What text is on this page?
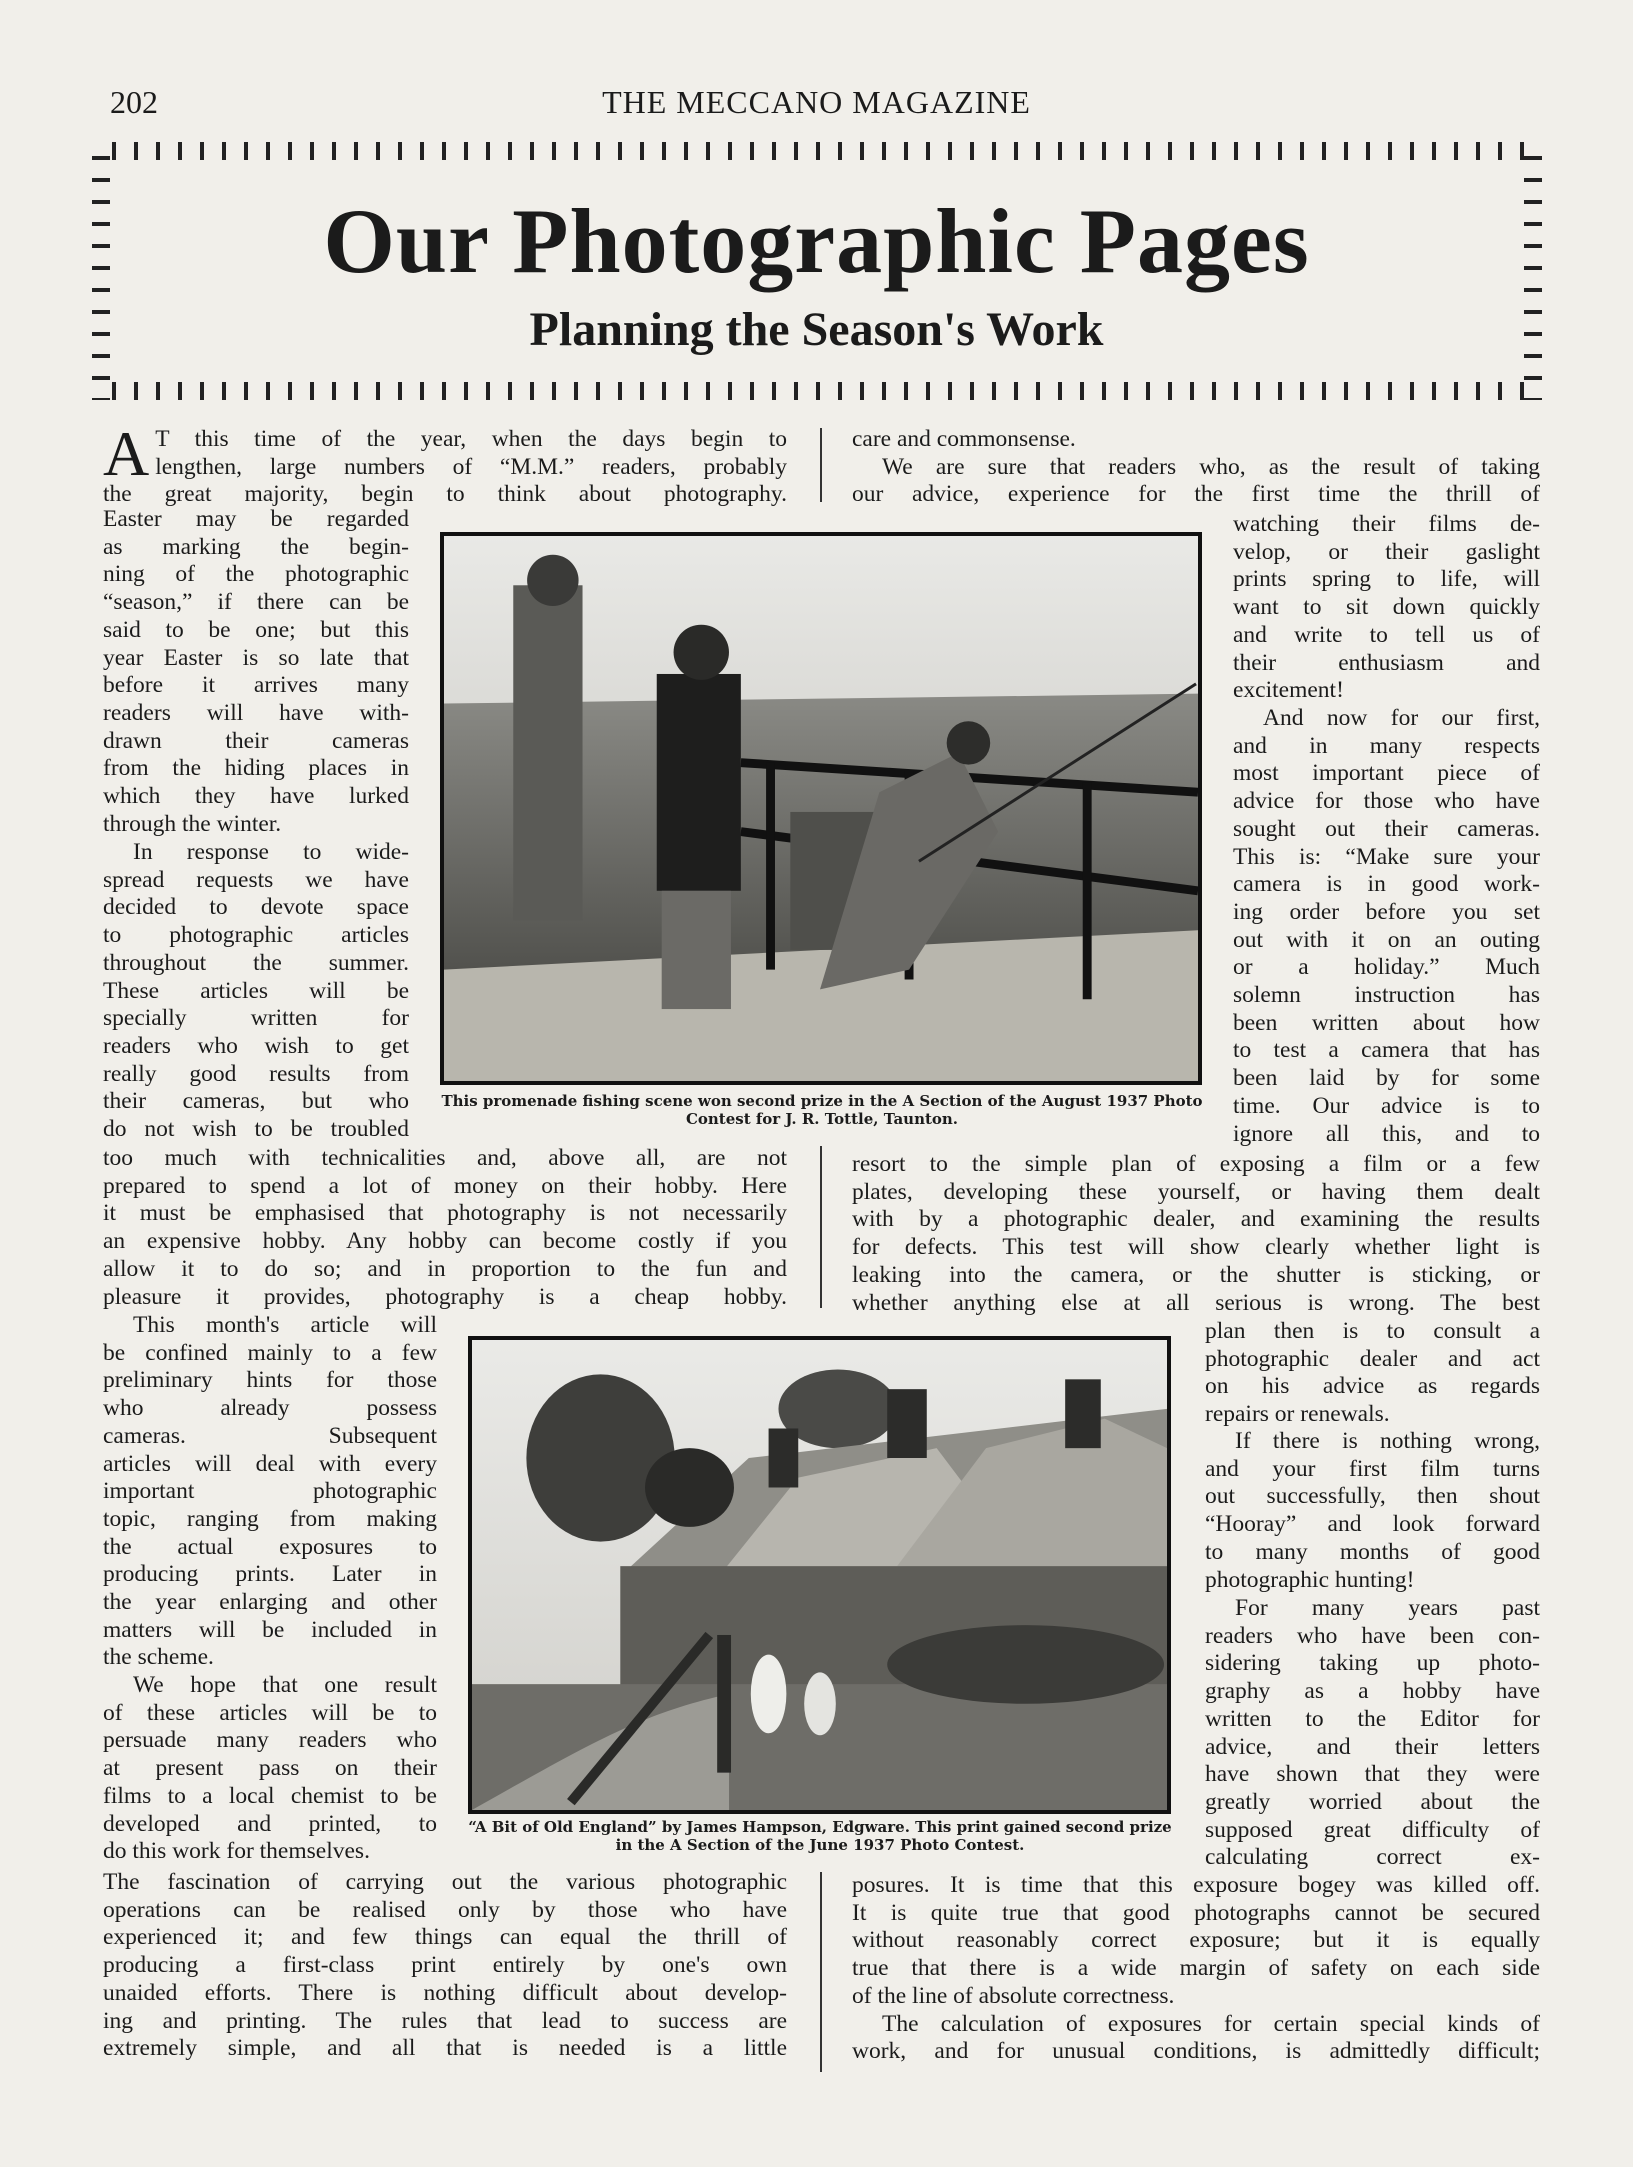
202	THE MECCANO MAGAZINE
Our Photographic Pages
Planning the Season's Work
A T this time of the year, when the days begin to
lengthen, large numbers of “M.M.” readers, probably
the great majority, begin to think about photography.
Easter may be regarded
as marking the begin-
ning of the photographic
“season,” if there can be
said to be one; but this
year Easter is so late that
before it arrives many
readers will have with-
drawn their cameras
from the hiding places in
which they have lurked
through the winter.
In response to wide-
spread requests we have
decided to devote space
to photographic articles
throughout the summer.
These articles will be
specially written for
readers who wish to get
really good results from
their cameras, but who
do not wish to be troubled
too much with technicalities and, above all, are not
prepared to spend a lot of money on their hobby. Here
it must be emphasised that photography is not necessarily
an expensive hobby. Any hobby can become costly if you
allow it to do so; and in proportion to the fun and
pleasure it provides, photography is a cheap hobby.
This month's article will
be confined mainly to a few
preliminary hints for those
who already possess
cameras. Subsequent
articles will deal with every
important photographic
topic, ranging from making
the actual exposures to
producing prints. Later in
the year enlarging and other
matters will be included in
the scheme.
We hope that one result
of these articles will be to
persuade many readers who
at present pass on their
films to a local chemist to be
developed and printed, to
do this work for themselves.
The fascination of carrying out the various photographic
operations can be realised only by those who have
experienced it; and few things can equal the thrill of
producing a first-class print entirely by one's own
unaided efforts. There is nothing difficult about develop-
ing and printing. The rules that lead to success are
extremely simple, and all that is needed is a little
care and commonsense.
We are sure that readers who, as the result of taking
our advice, experience for the first time the thrill of
watching their films de-
velop, or their gaslight
prints spring to life, will
want to sit down quickly
and write to tell us of
their enthusiasm and
excitement!
And now for our first,
and in many respects
most important piece of
advice for those who have
sought out their cameras.
This is: “Make sure your
camera is in good work-
ing order before you set
out with it on an outing
or a holiday.” Much
solemn instruction has
been written about how
to test a camera that has
been laid by for some
time. Our advice is to
ignore all this, and to
resort to the simple plan of exposing a film or a few
plates, developing these yourself, or having them dealt
with by a photographic dealer, and examining the results
for defects. This test will show clearly whether light is
leaking into the camera, or the shutter is sticking, or
whether anything else at all serious is wrong. The best
plan then is to consult a
photographic dealer and act
on his advice as regards
repairs or renewals.
If there is nothing wrong,
and your first film turns
out successfully, then shout
“Hooray” and look forward
to many months of good
photographic hunting!
For many years past
readers who have been con-
sidering taking up photo-
graphy as a hobby have
written to the Editor for
advice, and their letters
have shown that they were
greatly worried about the
supposed great difficulty of
calculating correct ex-
posures. It is time that this exposure bogey was killed off.
It is quite true that good photographs cannot be secured
without reasonably correct exposure; but it is equally
true that there is a wide margin of safety on each side
of the line of absolute correctness.
The calculation of exposures for certain special kinds of
work, and for unusual conditions, is admittedly difficult;
This promenade fishing scene won second prize in the A Section of the August 1937 Photo
Contest for J. R. Tottle, Taunton.
“A Bit of Old England” by James Hampson, Edgware. This print gained second prize
in the A Section of the June 1937 Photo Contest.
